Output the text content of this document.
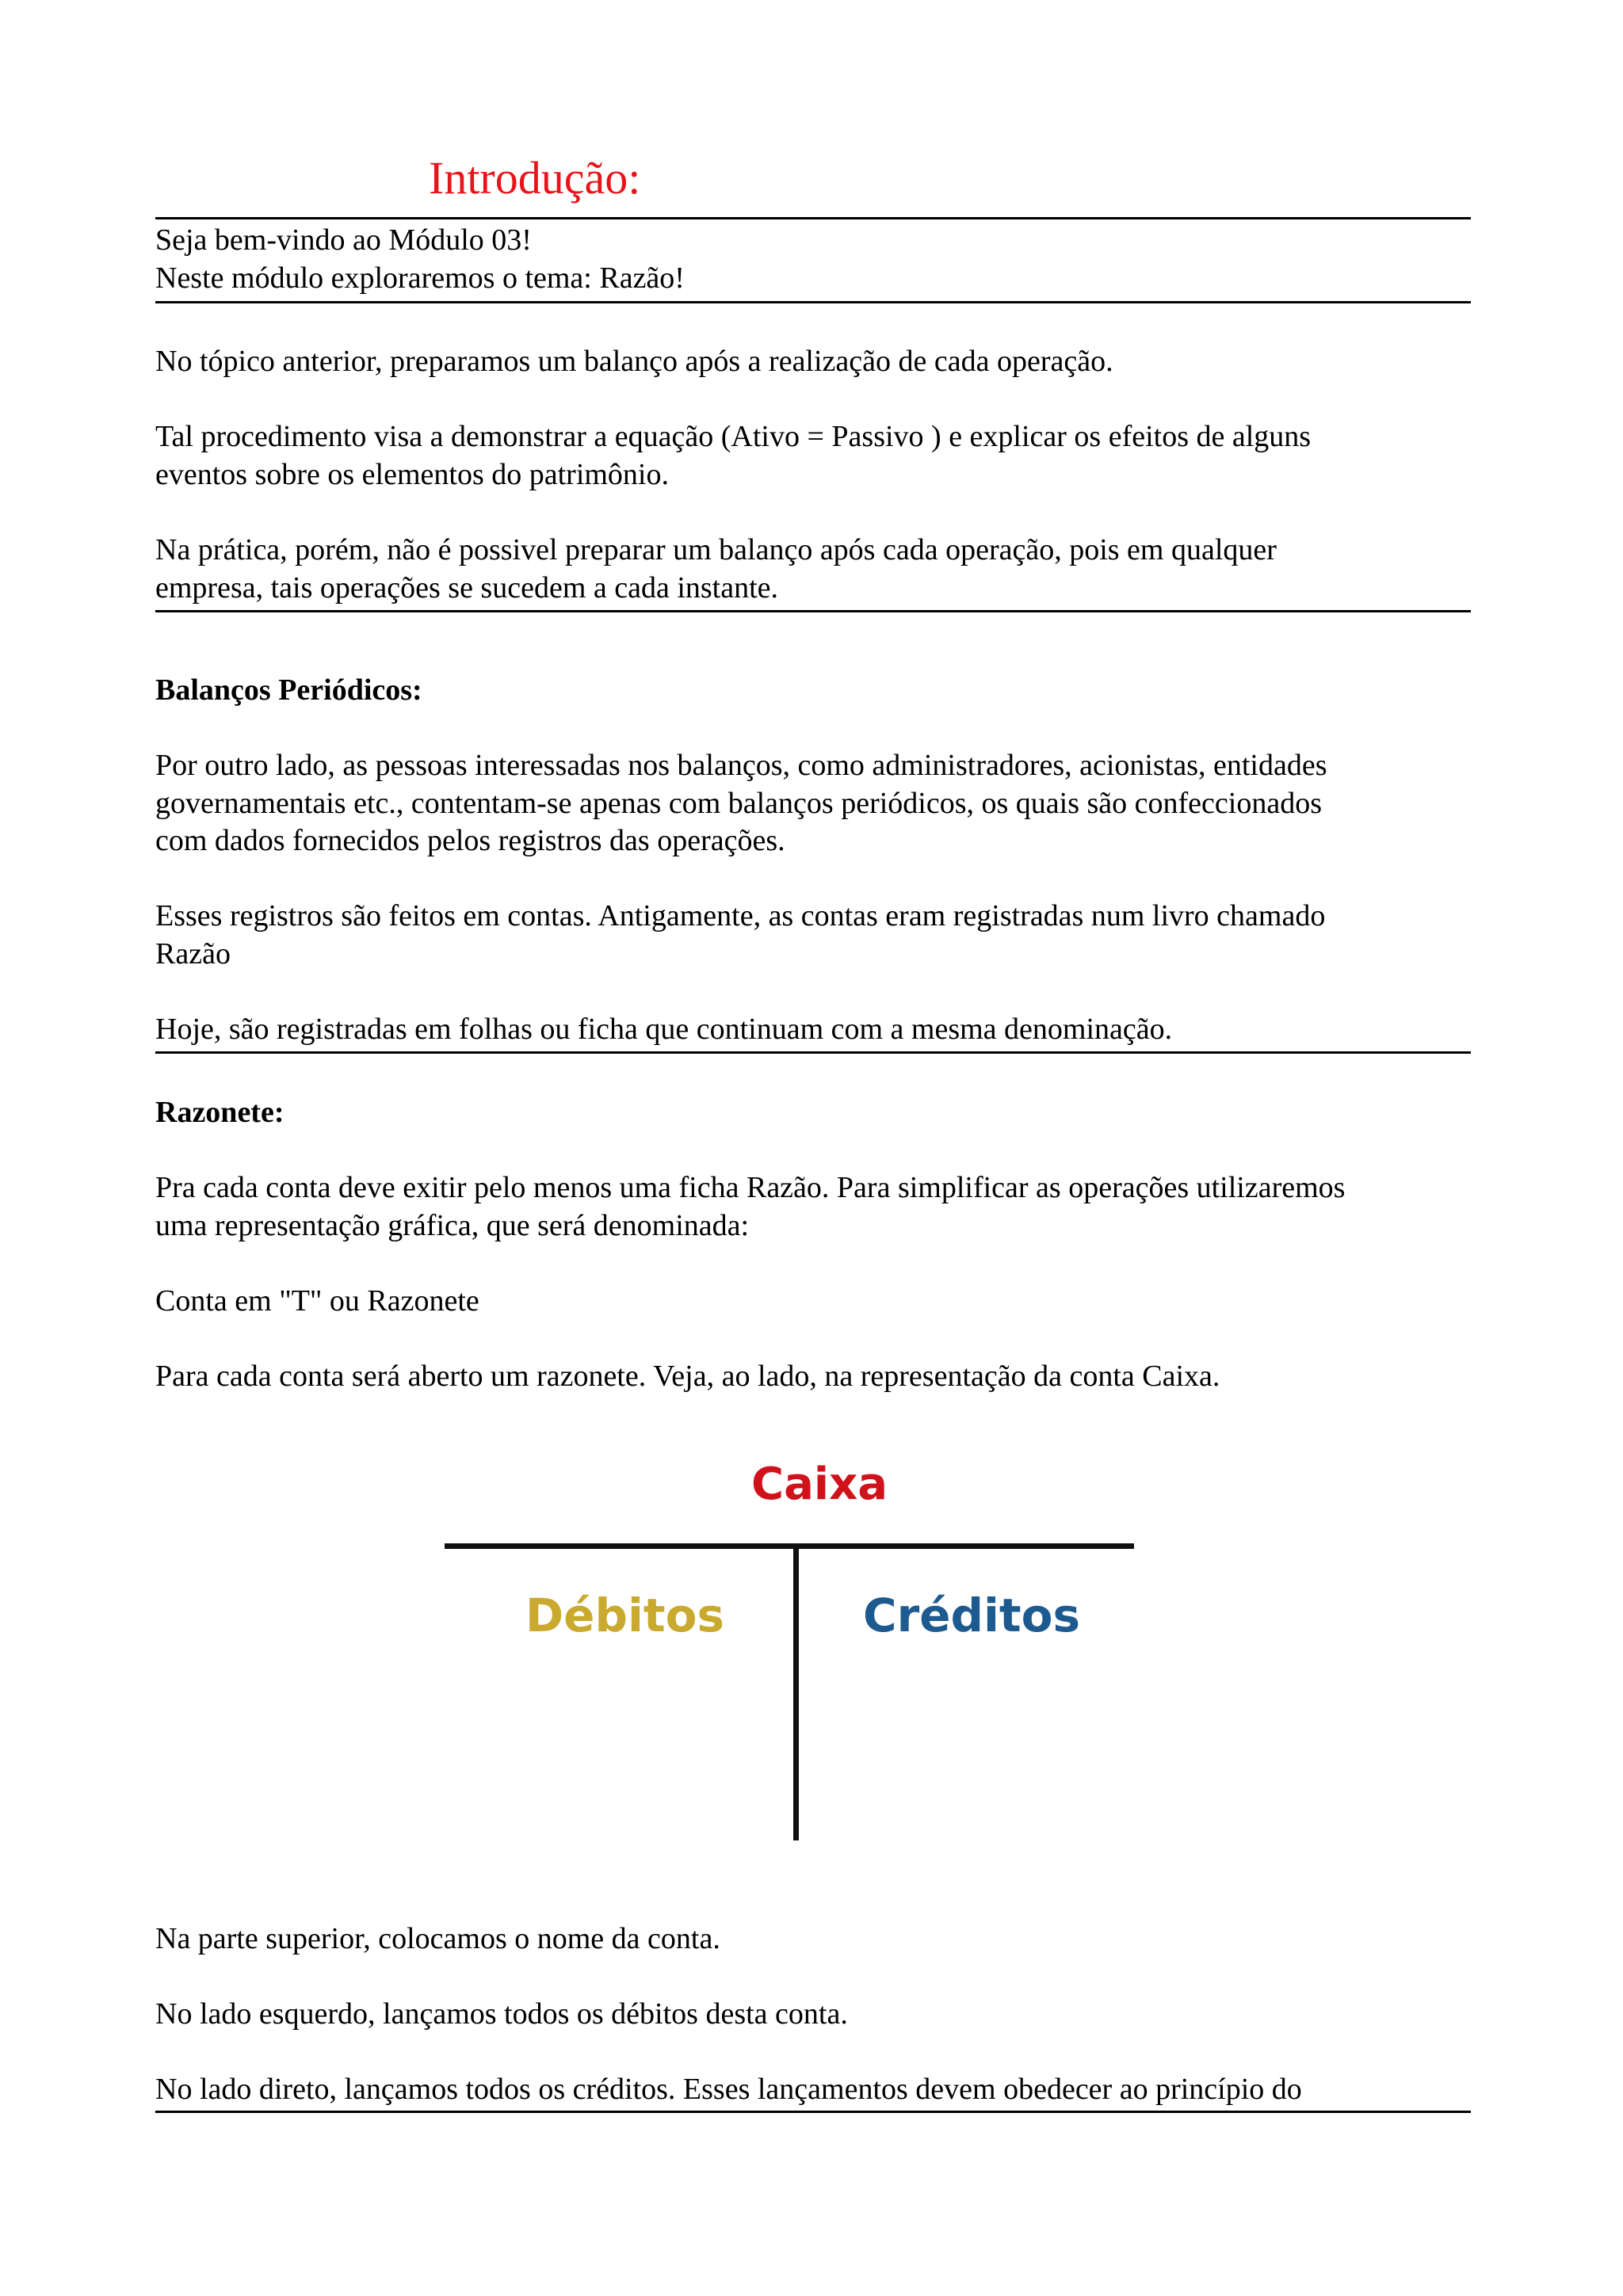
Introdução:
Seja bem-vindo ao Módulo 03!
Neste módulo exploraremos o tema: Razão!
No tópico anterior, preparamos um balanço após a realização de cada operação.
Tal procedimento visa a demonstrar a equação (Ativo = Passivo ) e explicar os efeitos de alguns
eventos sobre os elementos do patrimônio.
Na prática, porém, não é possivel preparar um balanço após cada operação, pois em qualquer
empresa, tais operações se sucedem a cada instante.
Balanços Periódicos:
Por outro lado, as pessoas interessadas nos balanços, como administradores, acionistas, entidades
governamentais etc., contentam-se apenas com balanços periódicos, os quais são confeccionados
com dados fornecidos pelos registros das operações.
Esses registros são feitos em contas. Antigamente, as contas eram registradas num livro chamado
Razão
Hoje, são registradas em folhas ou ficha que continuam com a mesma denominação.
Razonete:
Pra cada conta deve exitir pelo menos uma ficha Razão. Para simplificar as operações utilizaremos
uma representação gráfica, que será denominada:
Conta em "T" ou Razonete
Para cada conta será aberto um razonete. Veja, ao lado, na representação da conta Caixa.
Na parte superior, colocamos o nome da conta.
No lado esquerdo, lançamos todos os débitos desta conta.
No lado direto, lançamos todos os créditos. Esses lançamentos devem obedecer ao princípio do
Caixa
Débitos	Créditos
